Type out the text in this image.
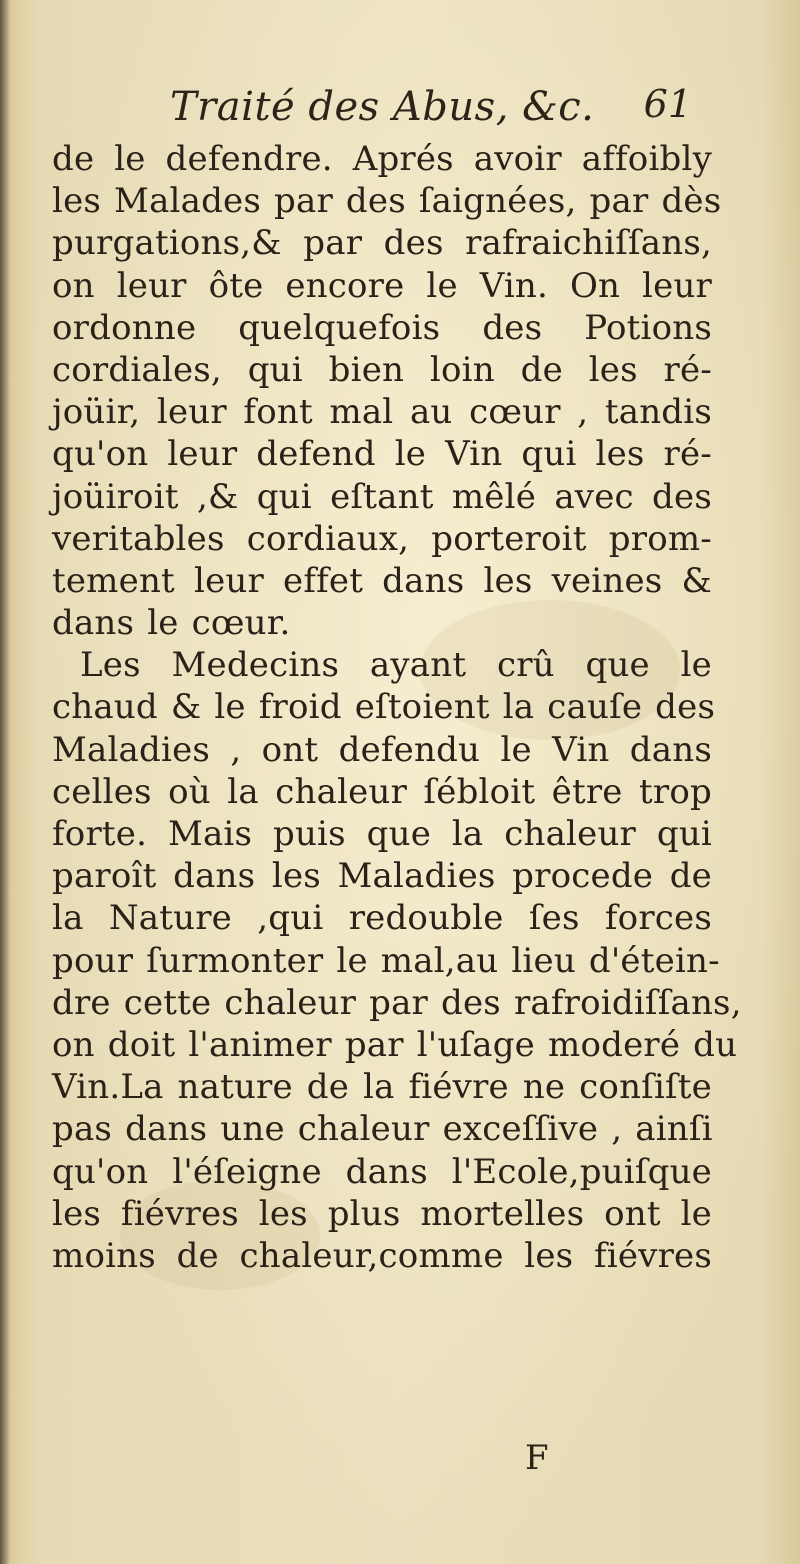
Traité des Abus, &c. 61
de le defendre. Aprés avoir affoibly
les Malades par des ſaignées, par dès
purgations,& par des rafraichiſſans,
on leur ôte encore le Vin. On leur
ordonne quelquefois des Potions
cordiales, qui bien loin de les ré-
joüir, leur font mal au cœur , tandis
qu'on leur defend le Vin qui les ré-
joüiroit ,& qui eſtant mêlé avec des
veritables cordiaux, porteroit prom-
tement leur effet dans les veines &
dans le cœur.
Les Medecins ayant crû que le
chaud & le froid eſtoient la cauſe des
Maladies , ont defendu le Vin dans
celles où la chaleur ſébloit être trop
forte. Mais puis que la chaleur qui
paroît dans les Maladies procede de
la Nature ,qui redouble ſes forces
pour ſurmonter le mal,au lieu d'étein-
dre cette chaleur par des rafroidiſſans,
on doit l'animer par l'uſage moderé du
Vin.La nature de la fiévre ne conſiſte
pas dans une chaleur exceſſive , ainſi
qu'on l'éſeigne dans l'Ecole,puiſque
les fiévres les plus mortelles ont le
moins de chaleur,comme les fiévres
F
